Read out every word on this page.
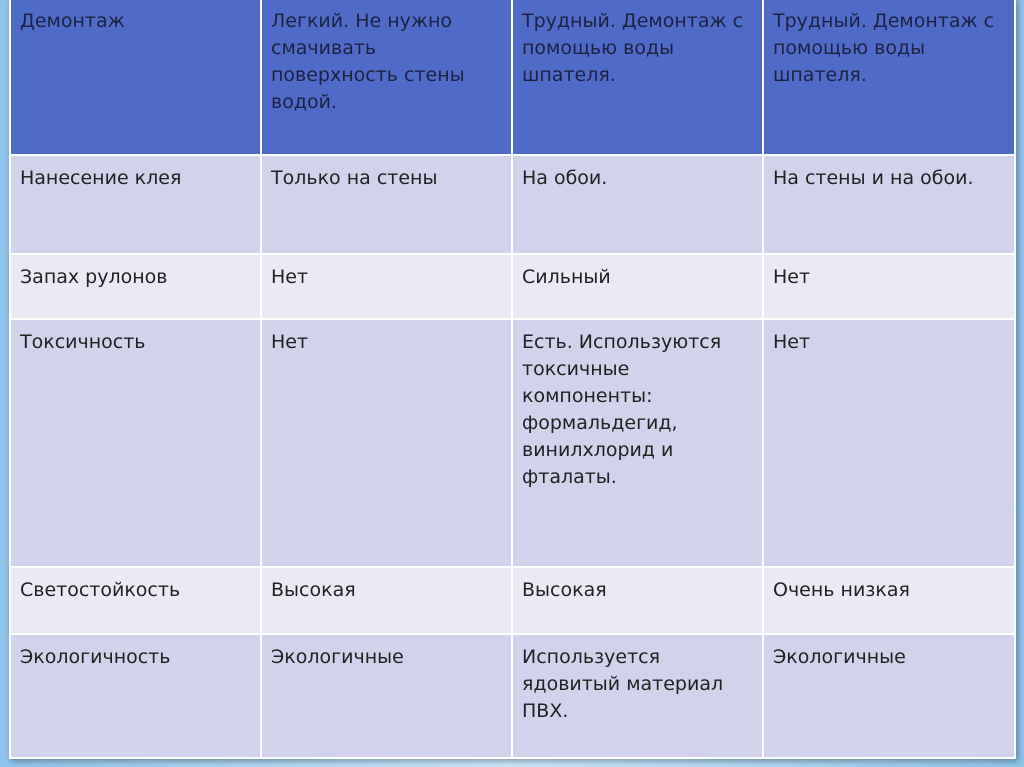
Демонтаж	Легкий. Не нужно смачивать поверхность стены водой.	Трудный. Демонтаж с помощью воды шпателя.	Трудный. Демонтаж с помощью воды шпателя.
Нанесение клея	Только на стены	На обои.	На стены и на обои.
Запах рулонов	Нет	Сильный	Нет
Токсичность	Нет	Есть. Используются токсичные компоненты: формальдегид, винилхлорид и фталаты.	Нет
Светостойкость	Высокая	Высокая	Очень низкая
Экологичность	Экологичные	Используется ядовитый материал ПВХ.	Экологичные
